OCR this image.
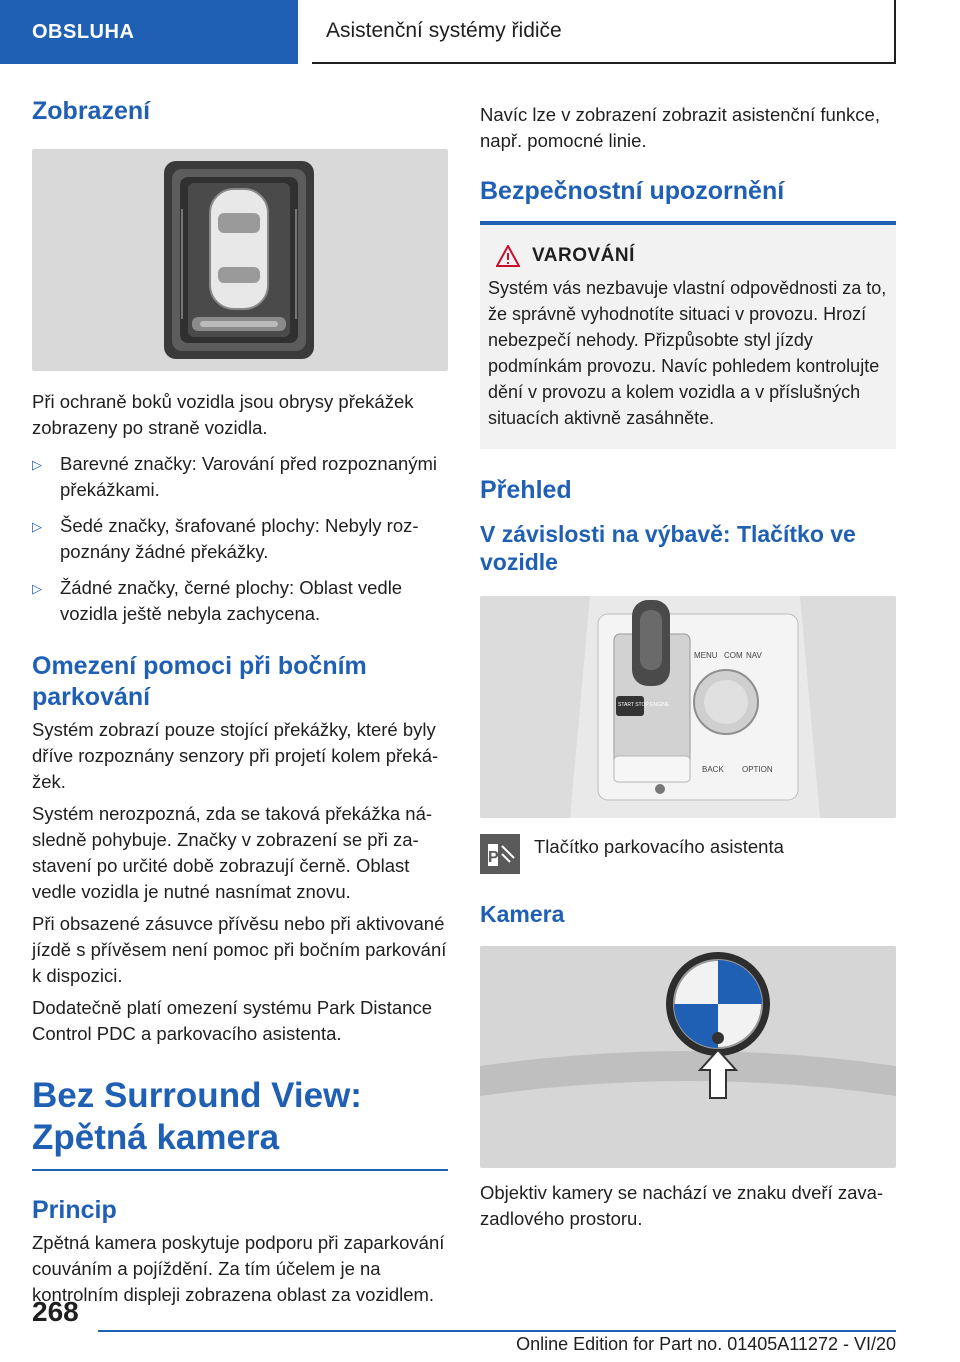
OBSLUHA	Asistenční systémy řidiče
Zobrazení

Při ochraně boků vozidla jsou obrysy překážek zobrazeny po straně vozidla.

▷ Barevné značky: Varování před rozpoznanými překážkami.
▷ Šedé značky, šrafované plochy: Nebyly rozpoznány žádné překážky.
▷ Žádné značky, černé plochy: Oblast vedle vozidla ještě nebyla zachycena.
Omezení pomoci při bočním parkování

Systém zobrazí pouze stojící překážky, které byly dříve rozpoznány senzory při projetí kolem překážek.

Systém nerozpozná, zda se taková překážka následně pohybuje. Značky v zobrazení se při zastavení po určité době zobrazují černě. Oblast vedle vozidla je nutné nasnímat znovu.

Při obsazené zásuvce přívěsu nebo při aktivované jízdě s přívěsem není pomoc při bočním parkování k dispozici.

Dodatečně platí omezení systému Park Distance Control PDC a parkovacího asistenta.

Bez Surround View: Zpětná kamera
Princip

Zpětná kamera poskytuje podporu při zaparkování couváním a pojíždění. Za tím účelem je na kontrolním displeji zobrazena oblast za vozidlem.

Navíc lze v zobrazení zobrazit asistenční funkce, např. pomocné linie.

Bezpečnostní upozornění
VAROVÁNÍ

Systém vás nezbavuje vlastní odpovědnosti za to, že správně vyhodnotíte situaci v provozu. Hrozí nebezpečí nehody. Přizpůsobte styl jízdy podmínkám provozu. Navíc pohledem kontrolujte dění v provozu a kolem vozidla a v příslušných situacích aktivně zasáhněte.

Přehled
V závislosti na výbavě: Tlačítko ve vozidle
MENU COM NAV
BACK OPTION
START STOP ENGINE
P

Tlačítko parkovacího asistenta

Kamera

Objektiv kamery se nachází ve znaku dveří zavazadlového prostoru.

268
Online Edition for Part no. 01405A11272 - VI/20
